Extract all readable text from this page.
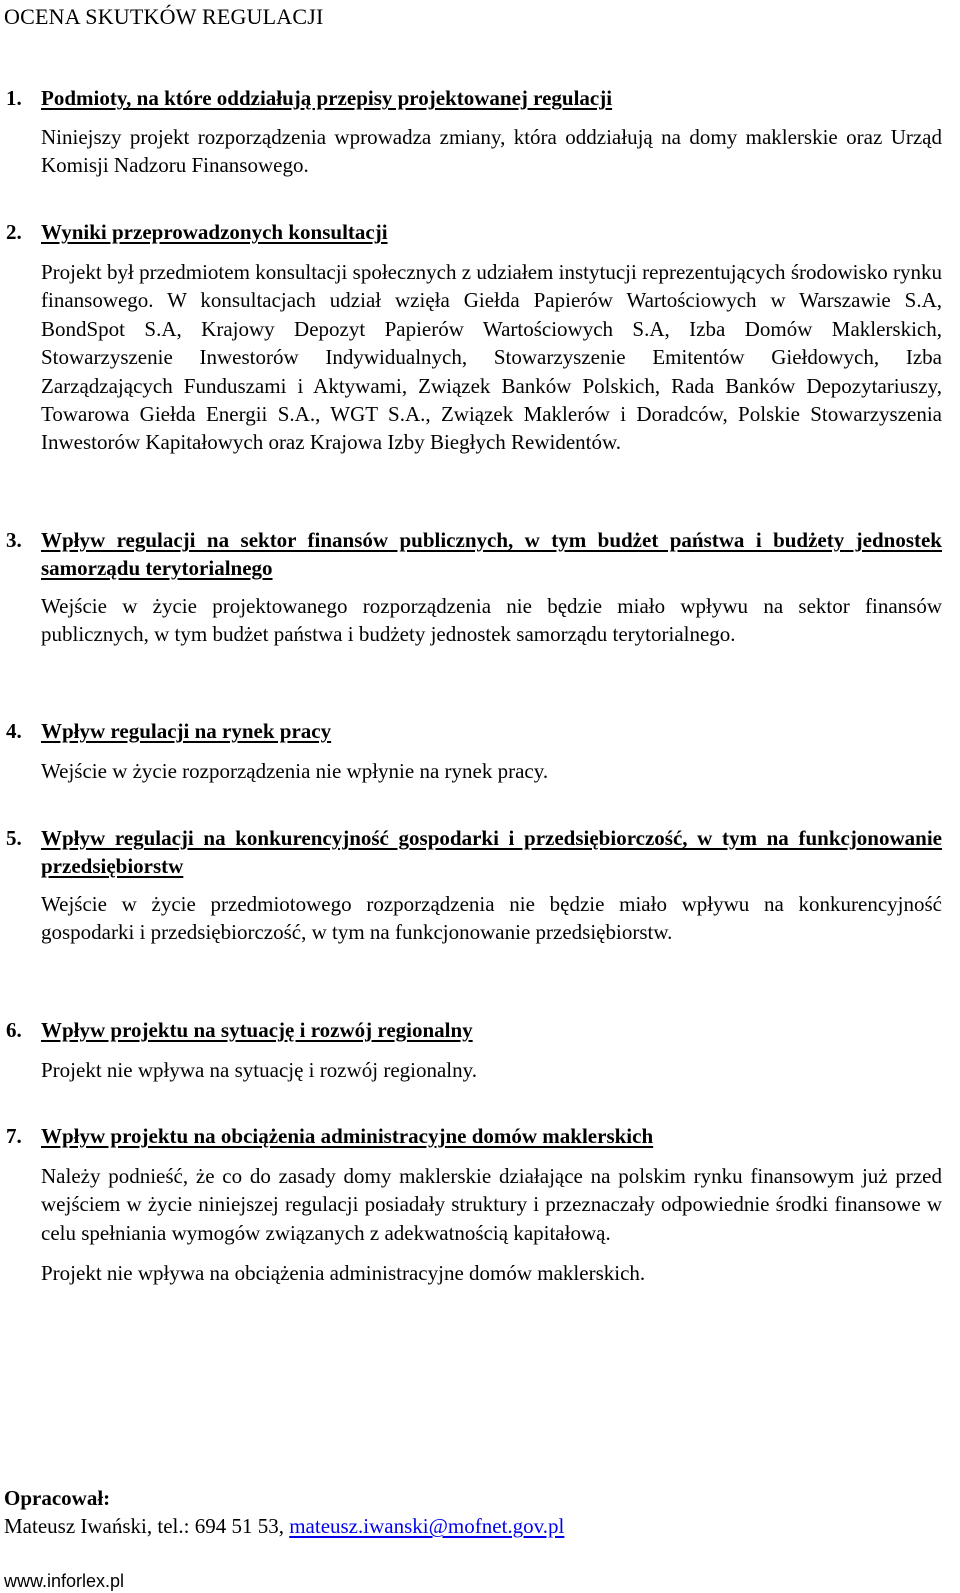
OCENA SKUTKÓW REGULACJI
1. Podmioty, na które oddziałują przepisy projektowanej regulacji
Niniejszy projekt rozporządzenia wprowadza zmiany, która oddziałują na domy maklerskie oraz Urząd Komisji Nadzoru Finansowego.
2. Wyniki przeprowadzonych konsultacji
Projekt był przedmiotem konsultacji społecznych z udziałem instytucji reprezentujących środowisko rynku finansowego. W konsultacjach udział wzięła Giełda Papierów Wartościowych w Warszawie S.A, BondSpot S.A, Krajowy Depozyt Papierów Wartościowych S.A, Izba Domów Maklerskich, Stowarzyszenie Inwestorów Indywidualnych, Stowarzyszenie Emitentów Giełdowych, Izba Zarządzających Funduszami i Aktywami, Związek Banków Polskich, Rada Banków Depozytariuszy, Towarowa Giełda Energii S.A., WGT S.A., Związek Maklerów i Doradców, Polskie Stowarzyszenia Inwestorów Kapitałowych oraz Krajowa Izby Biegłych Rewidentów.
3. Wpływ regulacji na sektor finansów publicznych, w tym budżet państwa i budżety jednostek samorządu terytorialnego
Wejście w życie projektowanego rozporządzenia nie będzie miało wpływu na sektor finansów publicznych, w tym budżet państwa i budżety jednostek samorządu terytorialnego.
4. Wpływ regulacji na rynek pracy
Wejście w życie rozporządzenia nie wpłynie na rynek pracy.
5. Wpływ regulacji na konkurencyjność gospodarki i przedsiębiorczość, w tym na funkcjonowanie przedsiębiorstw
Wejście w życie przedmiotowego rozporządzenia nie będzie miało wpływu na konkurencyjność gospodarki i przedsiębiorczość, w tym na funkcjonowanie przedsiębiorstw.
6. Wpływ projektu na sytuację i rozwój regionalny
Projekt nie wpływa na sytuację i rozwój regionalny.
7. Wpływ projektu na obciążenia administracyjne domów maklerskich
Należy podnieść, że co do zasady domy maklerskie działające na polskim rynku finansowym już przed wejściem w życie niniejszej regulacji posiadały struktury i przeznaczały odpowiednie środki finansowe w celu spełniania wymogów związanych z adekwatnością kapitałową.
Projekt nie wpływa na obciążenia administracyjne domów maklerskich.
Opracował:
Mateusz Iwański, tel.: 694 51 53, mateusz.iwanski@mofnet.gov.pl
www.inforlex.pl
